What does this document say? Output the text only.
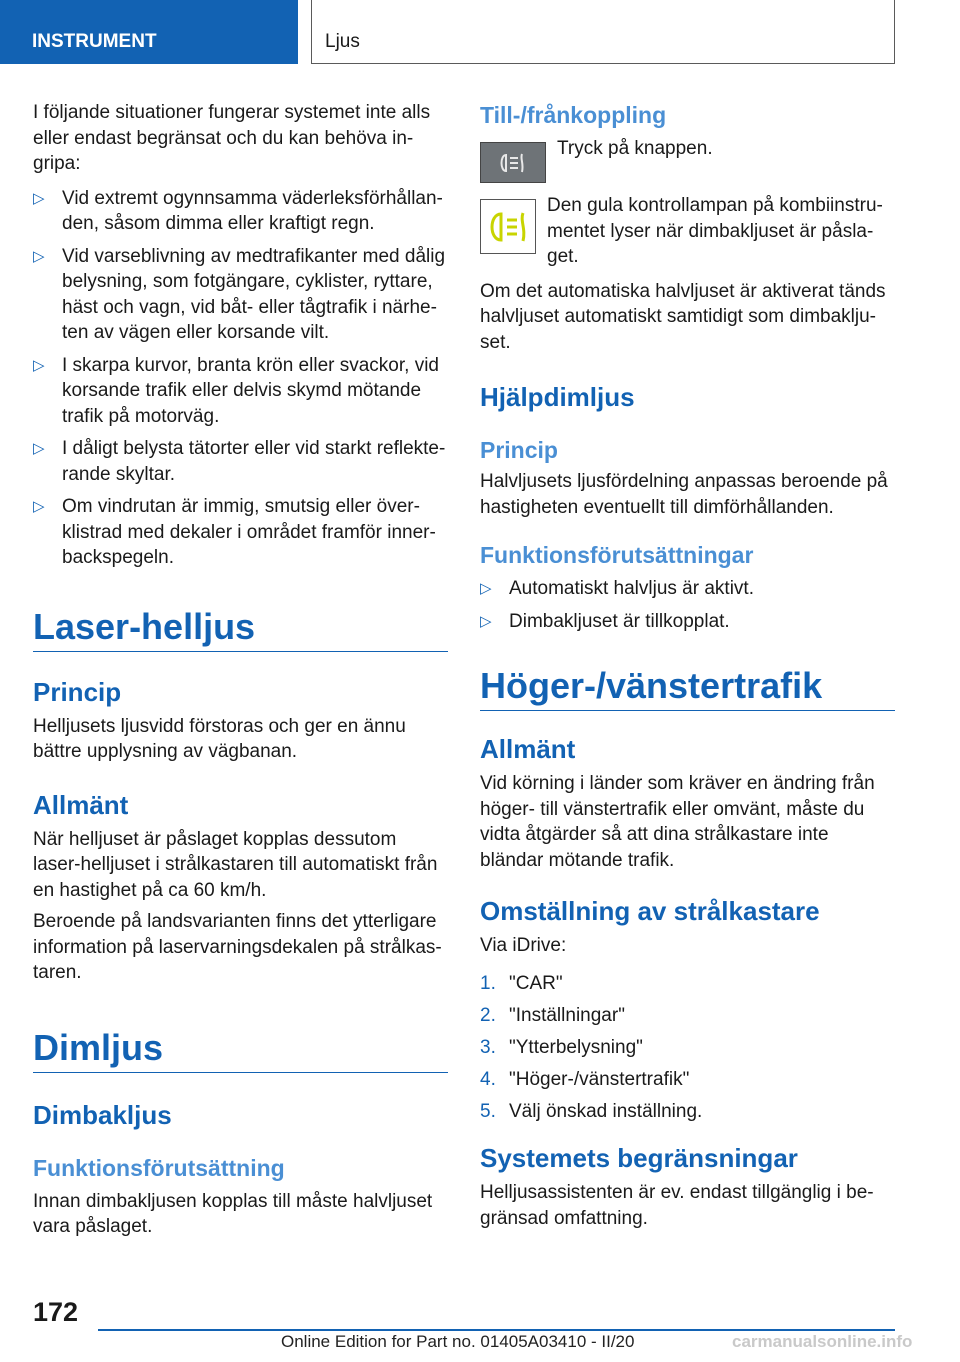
INSTRUMENT	Ljus

I följande situationer fungerar systemet inte alls eller endast begränsat och du kan behöva in-gripa:

▷ Vid extremt ogynnsamma väderleksförhållan-den, såsom dimma eller kraftigt regn.
▷ Vid varseblivning av medtrafikanter med dålig belysning, som fotgängare, cyklister, ryttare, häst och vagn, vid båt- eller tågtrafik i närhe-ten av vägen eller korsande vilt.
▷ I skarpa kurvor, branta krön eller svackor, vid korsande trafik eller delvis skymd mötande trafik på motorväg.
▷ I dåligt belysta tätorter eller vid starkt reflekte-rande skyltar.
▷ Om vindrutan är immig, smutsig eller över-klistrad med dekaler i området framför inner-backspegeln.
Laser-helljus
Princip

Helljusets ljusvidd förstoras och ger en ännu bättre upplysning av vägbanan.

Allmänt

När helljuset är påslaget kopplas dessutom laser-helljuset i strålkastaren till automatiskt från en hastighet på ca 60 km/h.

Beroende på landsvarianten finns det ytterligare information på laservarningsdekalen på strålkas-taren.

Dimljus
Dimbakljus
Funktionsförutsättning

Innan dimbakljusen kopplas till måste halvljuset vara påslaget.

Till-/frånkoppling

Tryck på knappen.

Den gula kontrollampan på kombiinstru-mentet lyser när dimbakljuset är påsla-get.

Om det automatiska halvljuset är aktiverat tänds halvljuset automatiskt samtidigt som dimbaklju-set.

Hjälpdimljus
Princip

Halvljusets ljusfördelning anpassas beroende på hastigheten eventuellt till dimförhållanden.

Funktionsförutsättningar
▷ Automatiskt halvljus är aktivt.
▷ Dimbakljuset är tillkopplat.
Höger-/vänstertrafik
Allmänt

Vid körning i länder som kräver en ändring från höger- till vänstertrafik eller omvänt, måste du vidta åtgärder så att dina strålkastare inte bländar mötande trafik.

Omställning av strålkastare

Via iDrive:

1. "CAR"
2. "Inställningar"
3. "Ytterbelysning"
4. "Höger-/vänstertrafik"
5. Välj önskad inställning.
Systemets begränsningar

Helljusassistenten är ev. endast tillgänglig i be-gränsad omfattning.

172
Online Edition for Part no. 01405A03410 - II/20	carmanualsonline.info
